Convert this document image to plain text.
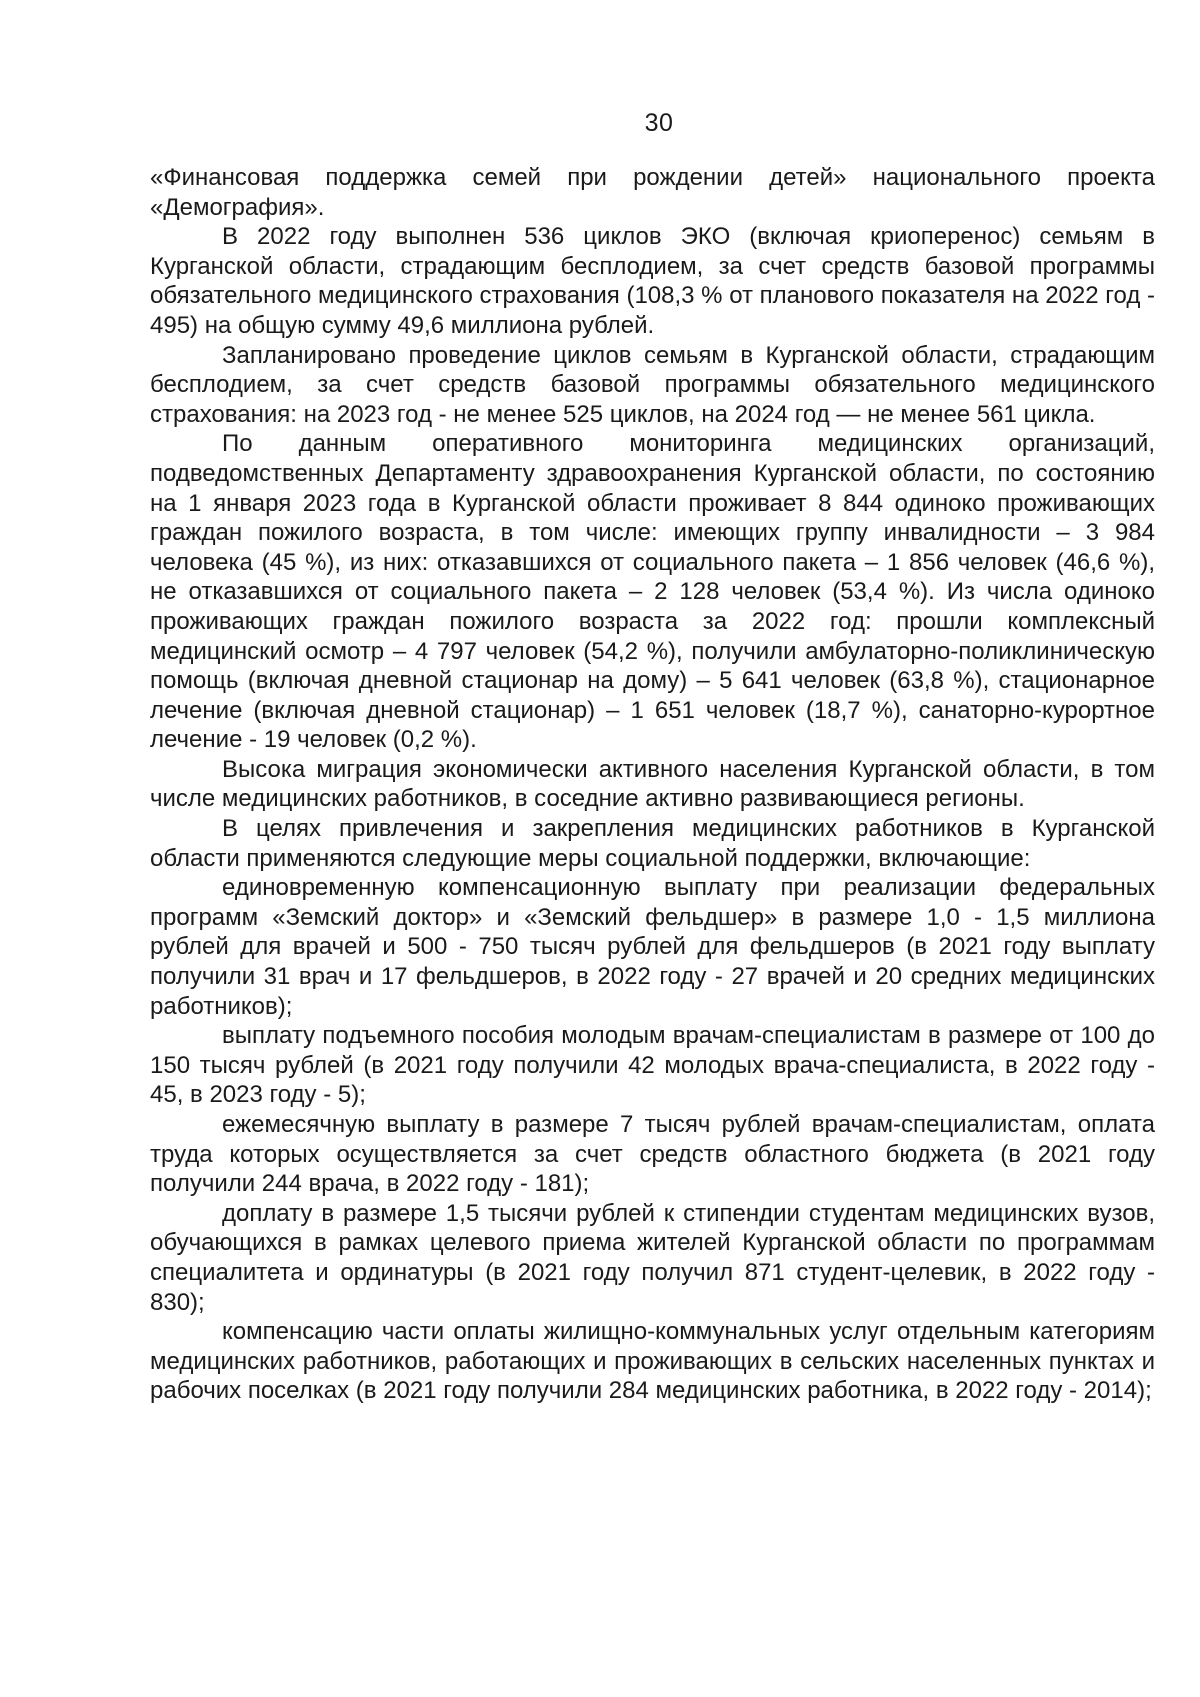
30

«Финансовая поддержка семей при рождении детей» национального проекта «Демография».

В 2022 году выполнен 536 циклов ЭКО (включая криоперенос) семьям в Курганской области, страдающим бесплодием, за счет средств базовой программы обязательного медицинского страхования (108,3 % от планового показателя на 2022 год - 495) на общую сумму 49,6 миллиона рублей.

Запланировано проведение циклов семьям в Курганской области, страдающим бесплодием, за счет средств базовой программы обязательного медицинского страхования: на 2023 год - не менее 525 циклов, на 2024 год — не менее 561 цикла.

По данным оперативного мониторинга медицинских организаций, подведомственных Департаменту здравоохранения Курганской области, по состоянию на 1 января 2023 года в Курганской области проживает 8 844 одиноко проживающих граждан пожилого возраста, в том числе: имеющих группу инвалидности – 3 984 человека (45 %), из них: отказавшихся от социального пакета – 1 856 человек (46,6 %), не отказавшихся от социального пакета – 2 128 человек (53,4 %). Из числа одиноко проживающих граждан пожилого возраста за 2022 год: прошли комплексный медицинский осмотр – 4 797 человек (54,2 %), получили амбулаторно-поликлиническую помощь (включая дневной стационар на дому) – 5 641 человек (63,8 %), стационарное лечение (включая дневной стационар) – 1 651 человек (18,7 %), санаторно-курортное лечение - 19 человек (0,2 %).

Высока миграция экономически активного населения Курганской области, в том числе медицинских работников, в соседние активно развивающиеся регионы.

В целях привлечения и закрепления медицинских работников в Курганской области применяются следующие меры социальной поддержки, включающие:

единовременную компенсационную выплату при реализации федеральных программ «Земский доктор» и «Земский фельдшер» в размере 1,0 - 1,5 миллиона рублей для врачей и 500 - 750 тысяч рублей для фельдшеров (в 2021 году выплату получили 31 врач и 17 фельдшеров, в 2022 году - 27 врачей и 20 средних медицинских работников);

выплату подъемного пособия молодым врачам-специалистам в размере от 100 до 150 тысяч рублей (в 2021 году получили 42 молодых врача-специалиста, в 2022 году - 45, в 2023 году - 5);

ежемесячную выплату в размере 7 тысяч рублей врачам-специалистам, оплата труда которых осуществляется за счет средств областного бюджета (в 2021 году получили 244 врача, в 2022 году - 181);

доплату в размере 1,5 тысячи рублей к стипендии студентам медицинских вузов, обучающихся в рамках целевого приема жителей Курганской области по программам специалитета и ординатуры (в 2021 году получил 871 студент-целевик, в 2022 году - 830);

компенсацию части оплаты жилищно-коммунальных услуг отдельным категориям медицинских работников, работающих и проживающих в сельских населенных пунктах и рабочих поселках (в 2021 году получили 284 медицинских работника, в 2022 году - 2014);
